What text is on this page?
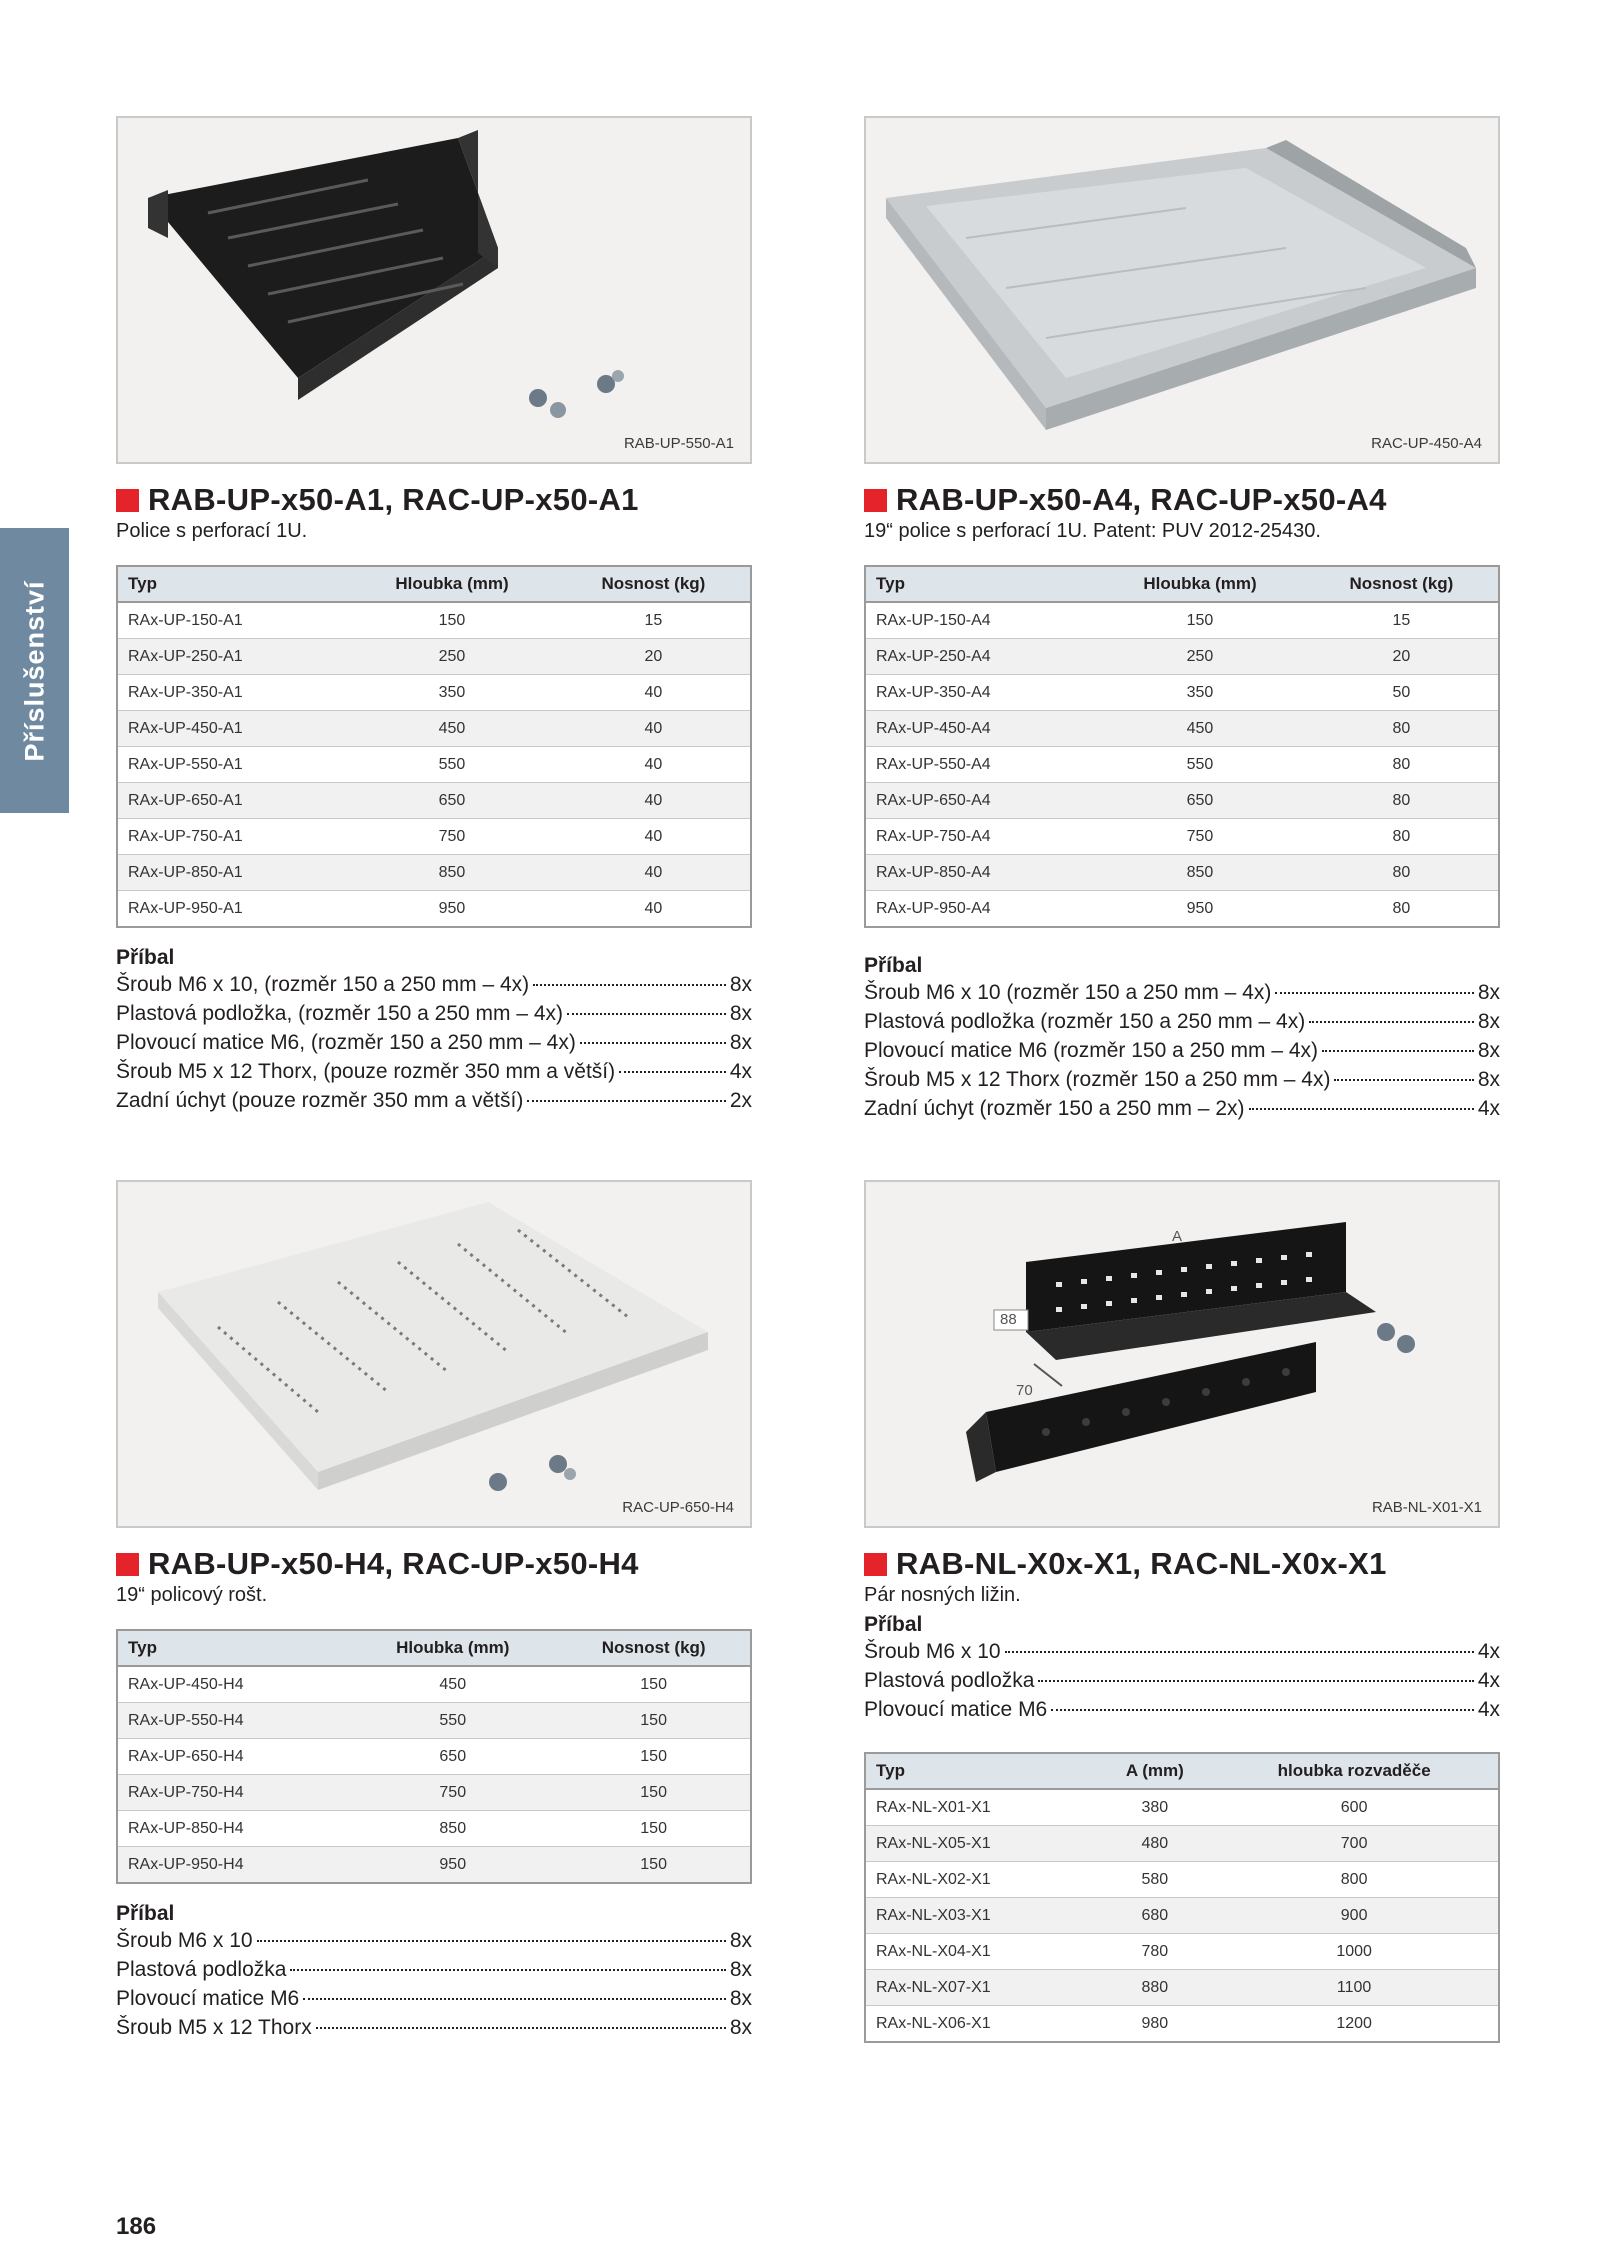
Příslušenství
RAB-UP-550-A1
RAB-UP-x50-A1, RAC-UP-x50-A1
Police s perforací 1U.
Typ	Hloubka (mm)	Nosnost (kg)
RAx-UP-150-A1	150	15
RAx-UP-250-A1	250	20
RAx-UP-350-A1	350	40
RAx-UP-450-A1	450	40
RAx-UP-550-A1	550	40
RAx-UP-650-A1	650	40
RAx-UP-750-A1	750	40
RAx-UP-850-A1	850	40
RAx-UP-950-A1	950	40
Příbal
Šroub M6 x 10, (rozměr 150 a 250 mm – 4x)	8x
Plastová podložka, (rozměr 150 a 250 mm – 4x)	8x
Plovoucí matice M6, (rozměr 150 a 250 mm – 4x)	8x
Šroub M5 x 12 Thorx, (pouze rozměr 350 mm a větší)	4x
Zadní úchyt (pouze rozměr 350 mm a větší)	2x
RAC-UP-450-A4
RAB-UP-x50-A4, RAC-UP-x50-A4
19“ police s perforací 1U. Patent: PUV 2012-25430.
Typ	Hloubka (mm)	Nosnost (kg)
RAx-UP-150-A4	150	15
RAx-UP-250-A4	250	20
RAx-UP-350-A4	350	50
RAx-UP-450-A4	450	80
RAx-UP-550-A4	550	80
RAx-UP-650-A4	650	80
RAx-UP-750-A4	750	80
RAx-UP-850-A4	850	80
RAx-UP-950-A4	950	80
Příbal
Šroub M6 x 10 (rozměr 150 a 250 mm – 4x)	8x
Plastová podložka (rozměr 150 a 250 mm – 4x)	8x
Plovoucí matice M6 (rozměr 150 a 250 mm – 4x)	8x
Šroub M5 x 12 Thorx (rozměr 150 a 250 mm – 4x)	8x
Zadní úchyt (rozměr 150 a 250 mm – 2x)	4x
RAC-UP-650-H4
RAB-UP-x50-H4, RAC-UP-x50-H4
19“ policový rošt.
Typ	Hloubka (mm)	Nosnost (kg)
RAx-UP-450-H4	450	150
RAx-UP-550-H4	550	150
RAx-UP-650-H4	650	150
RAx-UP-750-H4	750	150
RAx-UP-850-H4	850	150
RAx-UP-950-H4	950	150
Příbal
Šroub M6 x 10	8x
Plastová podložka	8x
Plovoucí matice M6	8x
Šroub M5 x 12 Thorx	8x
A
88
70
RAB-NL-X01-X1
RAB-NL-X0x-X1, RAC-NL-X0x-X1
Pár nosných ližin.
Příbal
Šroub M6 x 10	4x
Plastová podložka	4x
Plovoucí matice M6	4x
Typ	A (mm)	hloubka rozvaděče
RAx-NL-X01-X1	380	600
RAx-NL-X05-X1	480	700
RAx-NL-X02-X1	580	800
RAx-NL-X03-X1	680	900
RAx-NL-X04-X1	780	1000
RAx-NL-X07-X1	880	1100
RAx-NL-X06-X1	980	1200
186
